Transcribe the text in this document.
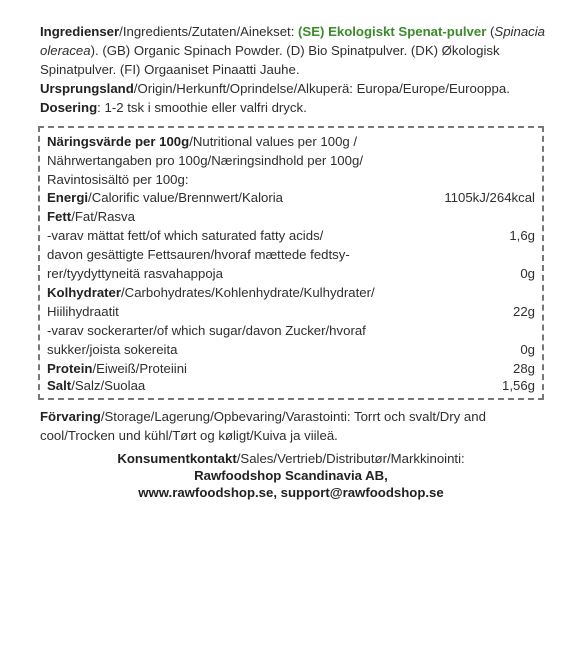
Ingredienser/Ingredients/Zutaten/Ainekset: (SE) Ekologiskt Spenat-pulver (Spinacia oleracea). (GB) Organic Spinach Powder. (D) Bio Spinatpulver. (DK) Økologisk Spinatpulver. (FI) Orgaaniset Pinaatti Jauhe. Ursprungsland/Origin/Herkunft/Oprindelse/Alkuperä: Europa/Europe/Eurooppa. Dosering: 1-2 tsk i smoothie eller valfri dryck.
Näringsvärde per 100g/Nutritional values per 100g /
Nährwertangaben pro 100g/Næringsindhold per 100g/
Ravintosisältö per 100g:
Energi/Calorific value/Brennwert/Kaloria	1105kJ/264kcal
Fett/Fat/Rasva
-varav mättat fett/of which saturated fatty acids/	1,6g
davon gesättigte Fettsauren/hvoraf mættede fedtsy-
rer/tyydyttyneitä rasvahappoja	0g
Kolhydrater/Carbohydrates/Kohlenhydrate/Kulhydrater/
Hiilihydraatit	22g
-varav sockerarter/of which sugar/davon Zucker/hvoraf
sukker/joista sokereita	0g
Protein/Eiweiß/Proteiini	28g
Salt/Salz/Suolaa	1,56g
Förvaring/Storage/Lagerung/Opbevaring/Varastointi: Torrt och svalt/Dry and cool/Trocken und kühl/Tørt og køligt/Kuiva ja viileä.
Konsumentkontakt/Sales/Vertrieb/Distributør/Markkinointi:
Rawfoodshop Scandinavia AB,
www.rawfoodshop.se, support@rawfoodshop.se
